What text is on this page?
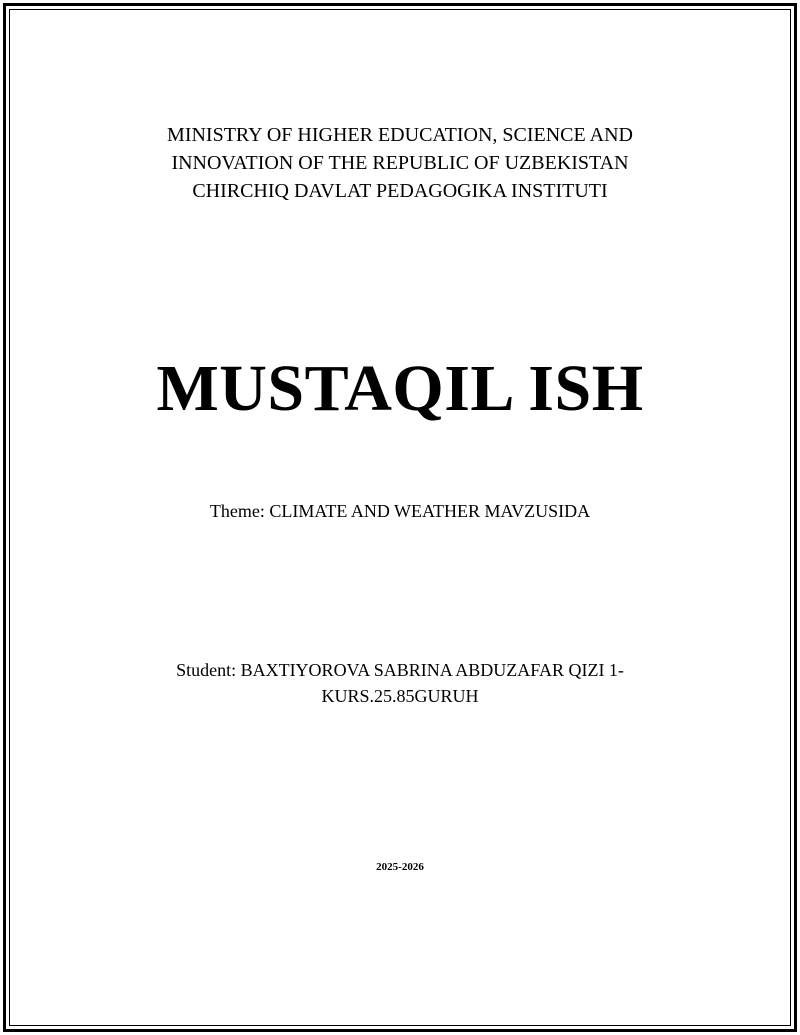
MINISTRY OF HIGHER EDUCATION, SCIENCE AND
INNOVATION OF THE REPUBLIC OF UZBEKISTAN
CHIRCHIQ DAVLAT PEDAGOGIKA INSTITUTI
MUSTAQIL ISH
Theme: CLIMATE AND WEATHER MAVZUSIDA
Student: BAXTIYOROVA SABRINA ABDUZAFAR QIZI 1-
KURS.25.85GURUH
2025-2026
